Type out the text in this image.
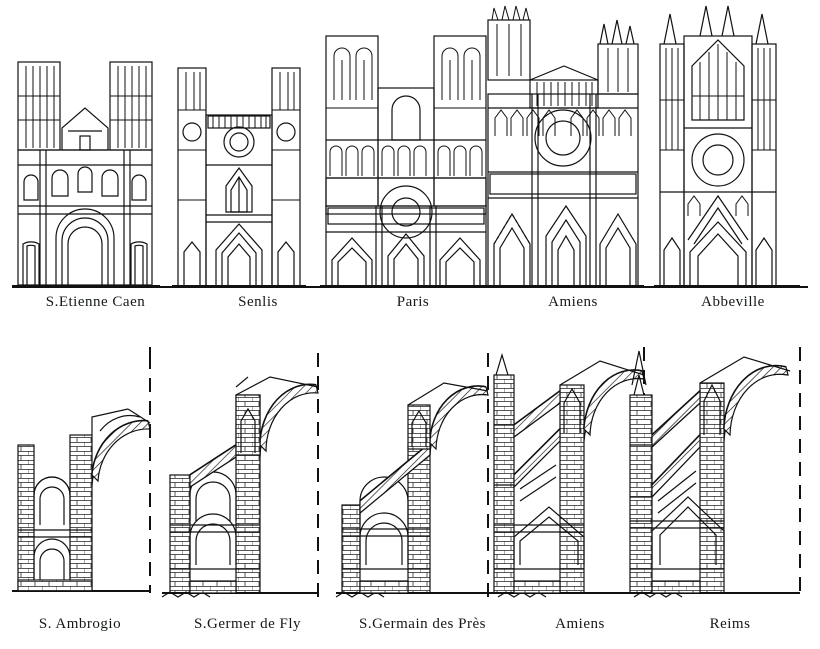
S.Etienne Caen	Senlis	Paris	Amiens	Abbeville
S. Ambrogio	S.Germer de Fly	S.Germain des Près	Amiens	Reims
